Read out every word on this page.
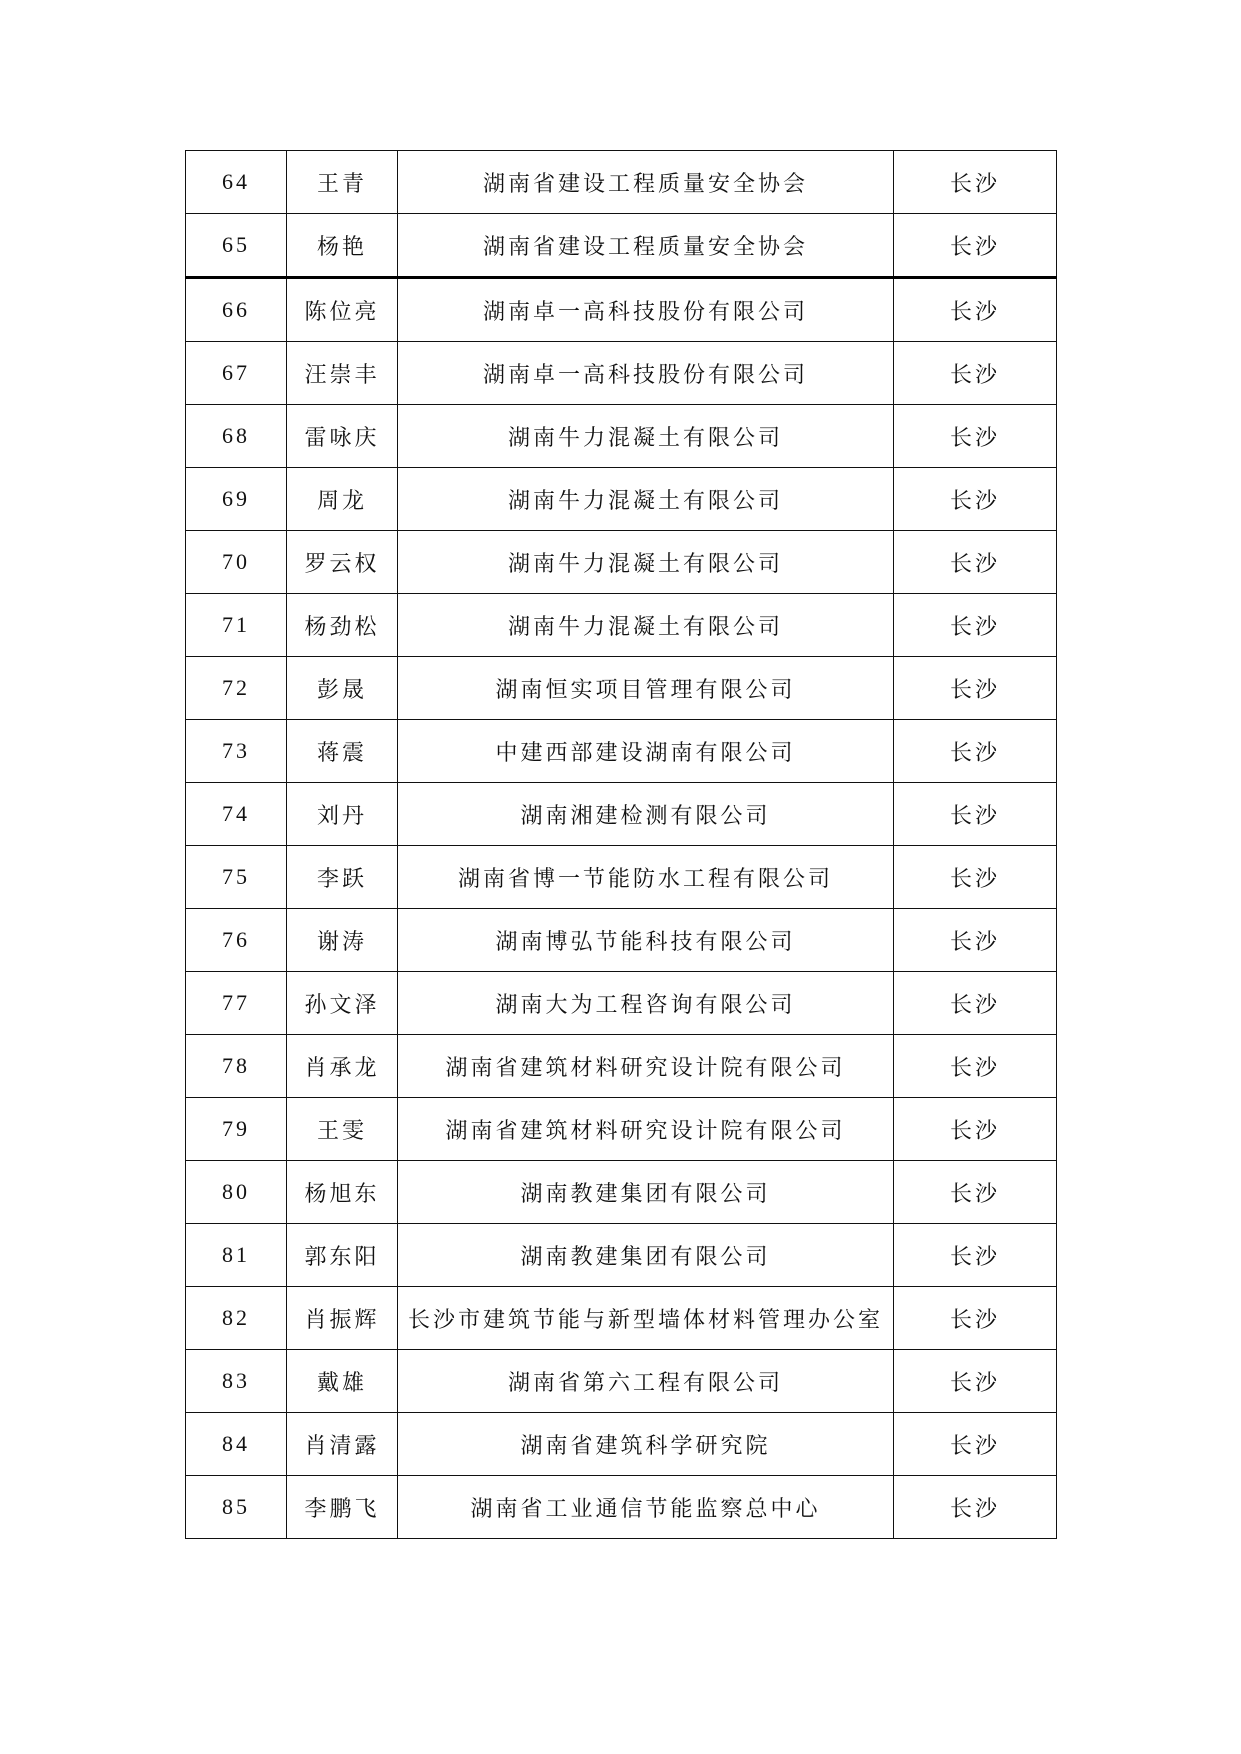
64	王青	湖南省建设工程质量安全协会	长沙
65	杨艳	湖南省建设工程质量安全协会	长沙
66	陈位亮	湖南卓一高科技股份有限公司	长沙
67	汪崇丰	湖南卓一高科技股份有限公司	长沙
68	雷咏庆	湖南牛力混凝土有限公司	长沙
69	周龙	湖南牛力混凝土有限公司	长沙
70	罗云权	湖南牛力混凝土有限公司	长沙
71	杨劲松	湖南牛力混凝土有限公司	长沙
72	彭晟	湖南恒实项目管理有限公司	长沙
73	蒋震	中建西部建设湖南有限公司	长沙
74	刘丹	湖南湘建检测有限公司	长沙
75	李跃	湖南省博一节能防水工程有限公司	长沙
76	谢涛	湖南博弘节能科技有限公司	长沙
77	孙文泽	湖南大为工程咨询有限公司	长沙
78	肖承龙	湖南省建筑材料研究设计院有限公司	长沙
79	王雯	湖南省建筑材料研究设计院有限公司	长沙
80	杨旭东	湖南教建集团有限公司	长沙
81	郭东阳	湖南教建集团有限公司	长沙
82	肖振辉	长沙市建筑节能与新型墙体材料管理办公室	长沙
83	戴雄	湖南省第六工程有限公司	长沙
84	肖清露	湖南省建筑科学研究院	长沙
85	李鹏飞	湖南省工业通信节能监察总中心	长沙
